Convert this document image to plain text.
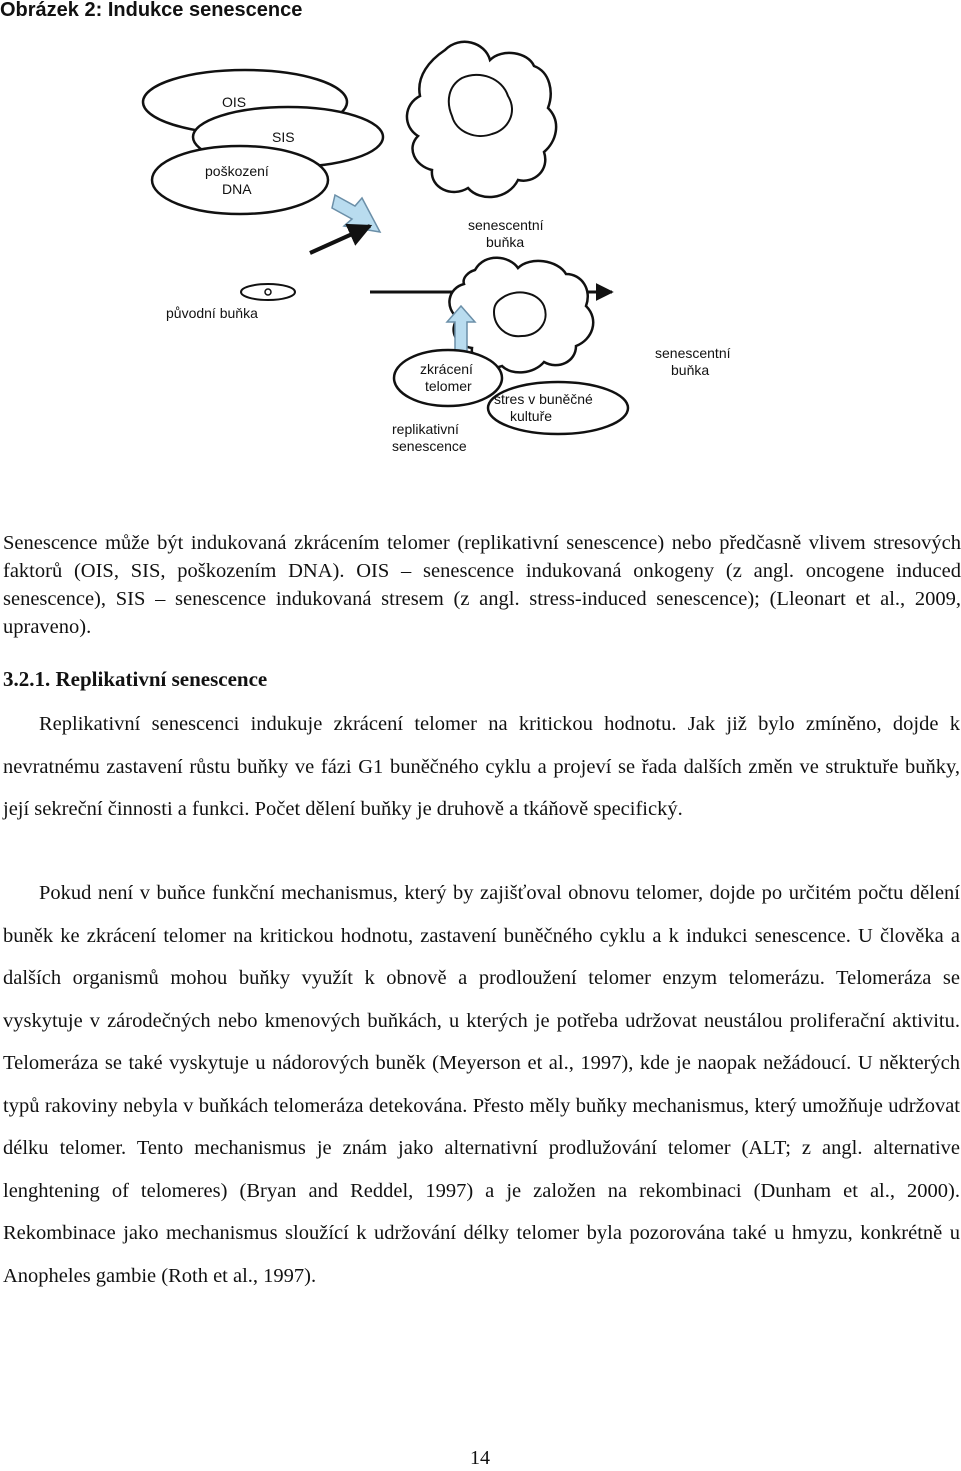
Obrázek 2: Indukce senescence
OIS
SIS
poškození
DNA
senescentní
buňka
původní buňka
senescentní
buňka
zkrácení
telomer
stres v buněčné
kultuře
replikativní
senescence

Senescence může být indukovaná zkrácením telomer (replikativní senescence) nebo předčasně vlivem stresových faktorů (OIS, SIS, poškozením DNA). OIS – senescence indukovaná onkogeny (z angl. oncogene induced senescence), SIS – senescence indukovaná stresem (z angl. stress-induced senescence); (Lleonart et al., 2009, upraveno).

3.2.1. Replikativní senescence

Replikativní senescenci indukuje zkrácení telomer na kritickou hodnotu. Jak již bylo zmíněno, dojde k nevratnému zastavení růstu buňky ve fázi G1 buněčného cyklu a projeví se řada dalších změn ve struktuře buňky, její sekreční činnosti a funkci. Počet dělení buňky je druhově a tkáňově specifický.

Pokud není v buňce funkční mechanismus, který by zajišťoval obnovu telomer, dojde po určitém počtu dělení buněk ke zkrácení telomer na kritickou hodnotu, zastavení buněčného cyklu a k indukci senescence. U člověka a dalších organismů mohou buňky využít k obnově a prodloužení telomer enzym telomerázu. Telomeráza se vyskytuje v zárodečných nebo kmenových buňkách, u kterých je potřeba udržovat neustálou proliferační aktivitu. Telomeráza se také vyskytuje u nádorových buněk (Meyerson et al., 1997), kde je naopak nežádoucí. U některých typů rakoviny nebyla v buňkách telomeráza detekována. Přesto měly buňky mechanismus, který umožňuje udržovat délku telomer. Tento mechanismus je znám jako alternativní prodlužování telomer (ALT; z angl. alternative lenghtening of telomeres) (Bryan and Reddel, 1997) a je založen na rekombinaci (Dunham et al., 2000). Rekombinace jako mechanismus sloužící k udržování délky telomer byla pozorována také u hmyzu, konkrétně u Anopheles gambie (Roth et al., 1997).

14
